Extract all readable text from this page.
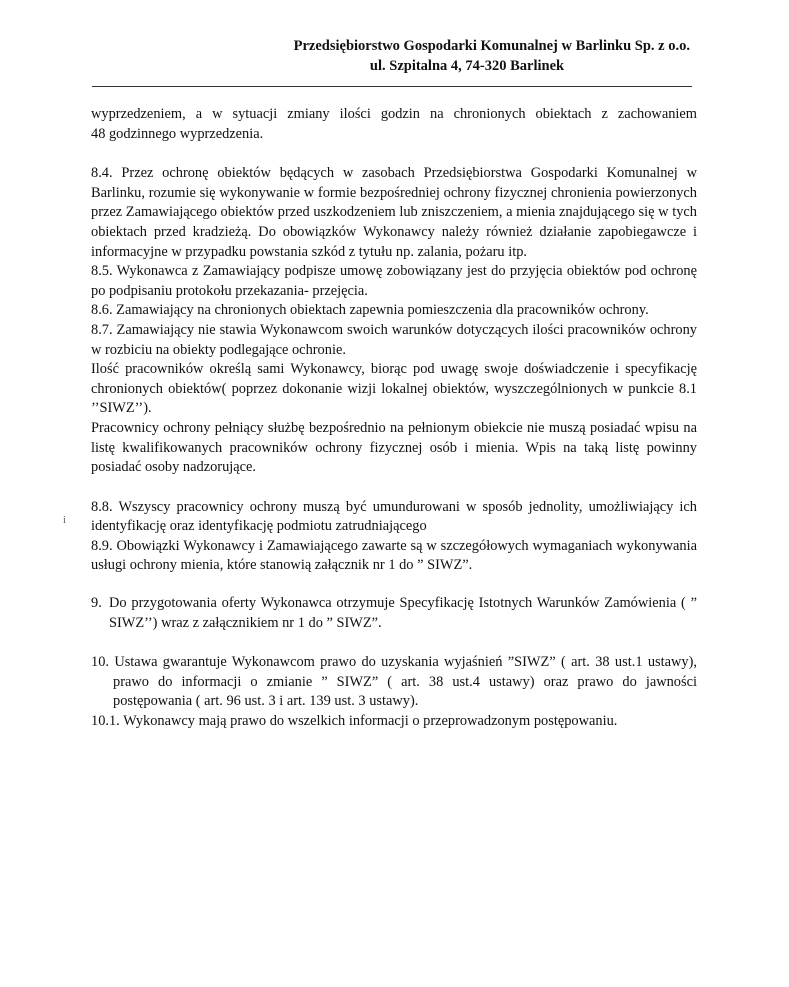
Przedsiębiorstwo Gospodarki Komunalnej w Barlinku Sp. z o.o.
ul. Szpitalna 4, 74-320 Barlinek
i

wyprzedzeniem, a w sytuacji zmiany ilości godzin na chronionych obiektach z zachowaniem

48 godzinnego wyprzedzenia.

8.4. Przez ochronę obiektów będących w zasobach Przedsiębiorstwa Gospodarki Komunalnej w Barlinku, rozumie się wykonywanie w formie bezpośredniej ochrony fizycznej chronienia powierzonych przez Zamawiającego obiektów przed uszkodzeniem lub zniszczeniem, a mienia znajdującego się w tych obiektach przed kradzieżą. Do obowiązków Wykonawcy należy również działanie zapobiegawcze i informacyjne w przypadku powstania szkód z tytułu np. zalania, pożaru itp.

8.5. Wykonawca z Zamawiający podpisze umowę zobowiązany jest do przyjęcia obiektów pod ochronę po podpisaniu protokołu przekazania- przejęcia.

8.6. Zamawiający na chronionych obiektach zapewnia pomieszczenia dla pracowników ochrony.

8.7. Zamawiający nie stawia Wykonawcom swoich warunków dotyczących ilości pracowników ochrony w rozbiciu na obiekty podlegające ochronie.

Ilość pracowników określą sami Wykonawcy, biorąc pod uwagę swoje doświadczenie i specyfikację chronionych obiektów( poprzez dokonanie wizji lokalnej obiektów, wyszczególnionych w punkcie 8.1 ’’SIWZ’’).

Pracownicy ochrony pełniący służbę bezpośrednio na pełnionym obiekcie nie muszą posiadać wpisu na listę kwalifikowanych pracowników ochrony fizycznej osób i mienia. Wpis na taką listę powinny posiadać osoby nadzorujące.

8.8. Wszyscy pracownicy ochrony muszą być umundurowani w sposób jednolity, umożliwiający ich identyfikację oraz identyfikację podmiotu zatrudniającego

8.9. Obowiązki Wykonawcy i Zamawiającego zawarte są w szczegółowych wymaganiach wykonywania usługi ochrony mienia, które stanowią załącznik nr 1 do ” SIWZ”.

9. Do przygotowania oferty Wykonawca otrzymuje Specyfikację Istotnych Warunków Zamówienia ( ” SIWZ’’) wraz z załącznikiem nr 1 do ” SIWZ”.

10. Ustawa gwarantuje Wykonawcom prawo do uzyskania wyjaśnień ”SIWZ” ( art. 38 ust.1 ustawy), prawo do informacji o zmianie ” SIWZ” ( art. 38 ust.4 ustawy) oraz prawo do jawności postępowania ( art. 96 ust. 3 i art. 139 ust. 3 ustawy).

10.1. Wykonawcy mają prawo do wszelkich informacji o przeprowadzonym postępowaniu.
